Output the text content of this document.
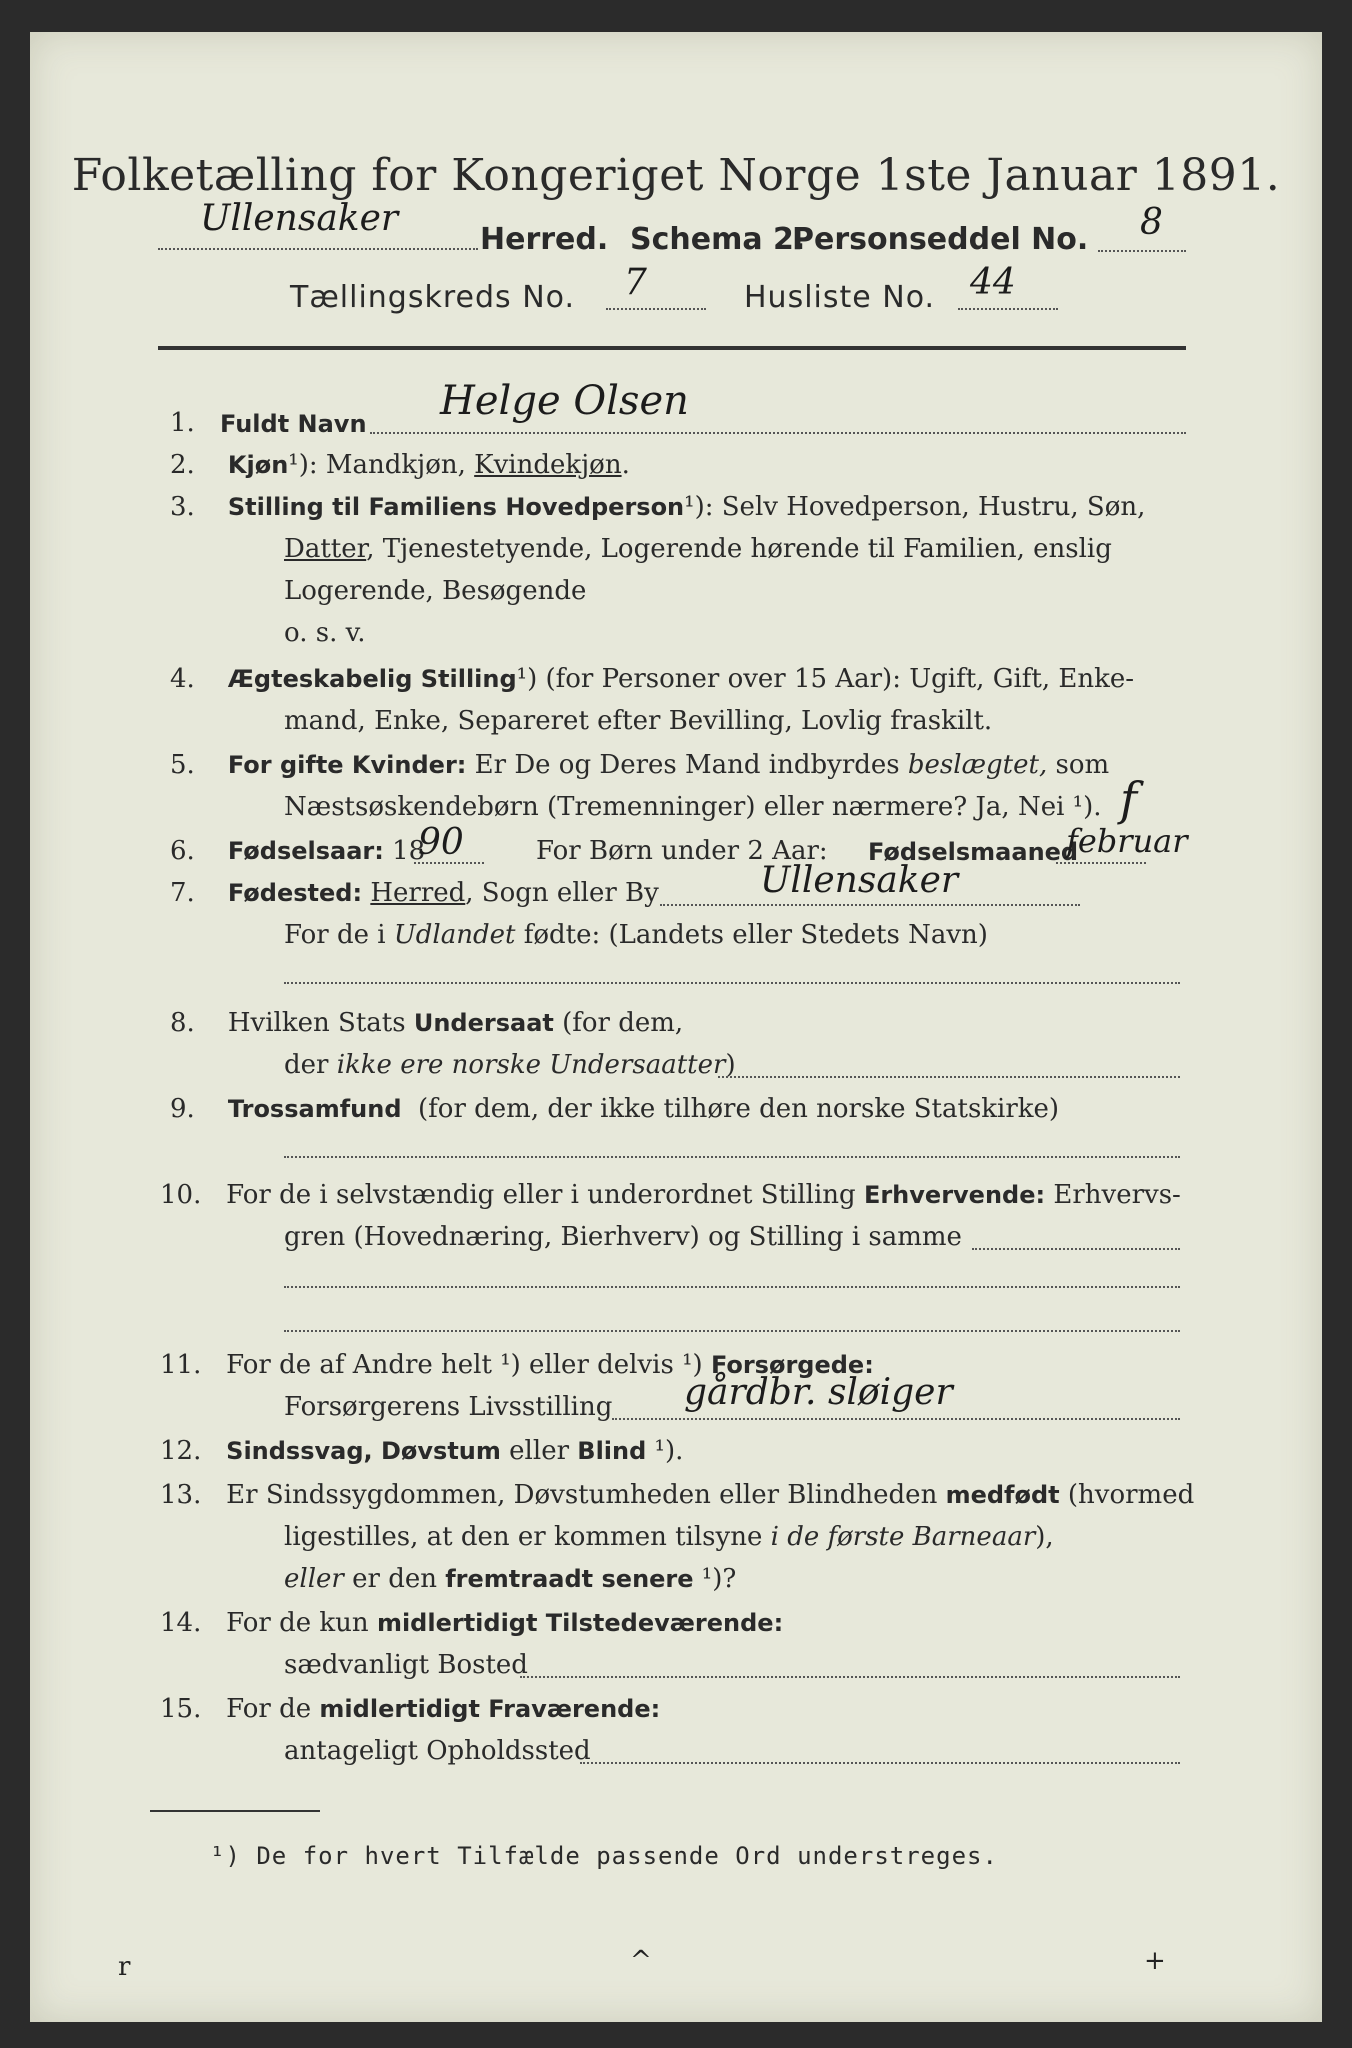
Folketælling for Kongeriget Norge 1ste Januar 1891.
Ullensaker
Herred. Schema 2.
Personseddel No. 8
Tællingskreds No. 7	Husliste No. 44
1. Fuldt Navn Helge Olsen
2. Kjøn¹): Mandkjøn, Kvindekjøn.
3. Stilling til Familiens Hovedperson¹): Selv Hovedperson, Hustru, Søn,
Datter, Tjenestetyende, Logerende hørende til Familien, enslig
Logerende, Besøgende
o. s. v.
4. Ægteskabelig Stilling¹) (for Personer over 15 Aar): Ugift, Gift, Enke-
mand, Enke, Separeret efter Bevilling, Lovlig fraskilt.
5. For gifte Kvinder: Er De og Deres Mand indbyrdes beslægtet, som
Næstsøskendebørn (Tremenninger) eller nærmere? Ja, Nei ¹). f
6. Fødselsaar: 18
90	For Børn under 2 Aar: Fødselsmaaned
februar
7. Fødested: Herred, Sogn eller By	Ullensaker
For de i Udlandet fødte: (Landets eller Stedets Navn)
8. Hvilken Stats Undersaat (for dem,
der ikke ere norske Undersaatter)
9. Trossamfund (for dem, der ikke tilhøre den norske Statskirke)
10. For de i selvstændig eller i underordnet Stilling Erhvervende: Erhvervs-
gren (Hovednæring, Bierhverv) og Stilling i samme
11. For de af Andre helt ¹) eller delvis ¹) Forsørgede:
Forsørgerens Livsstilling gårdbr. sløiger
12. Sindssvag, Døvstum eller Blind ¹).
13. Er Sindssygdommen, Døvstumheden eller Blindheden medfødt (hvormed
ligestilles, at den er kommen tilsyne i de første Barneaar),
eller er den fremtraadt senere ¹)?
14. For de kun midlertidigt Tilstedeværende:
sædvanligt Bosted
15. For de midlertidigt Fraværende:
antageligt Opholdssted
¹) De for hvert Tilfælde passende Ord understreges.
r	^	+
